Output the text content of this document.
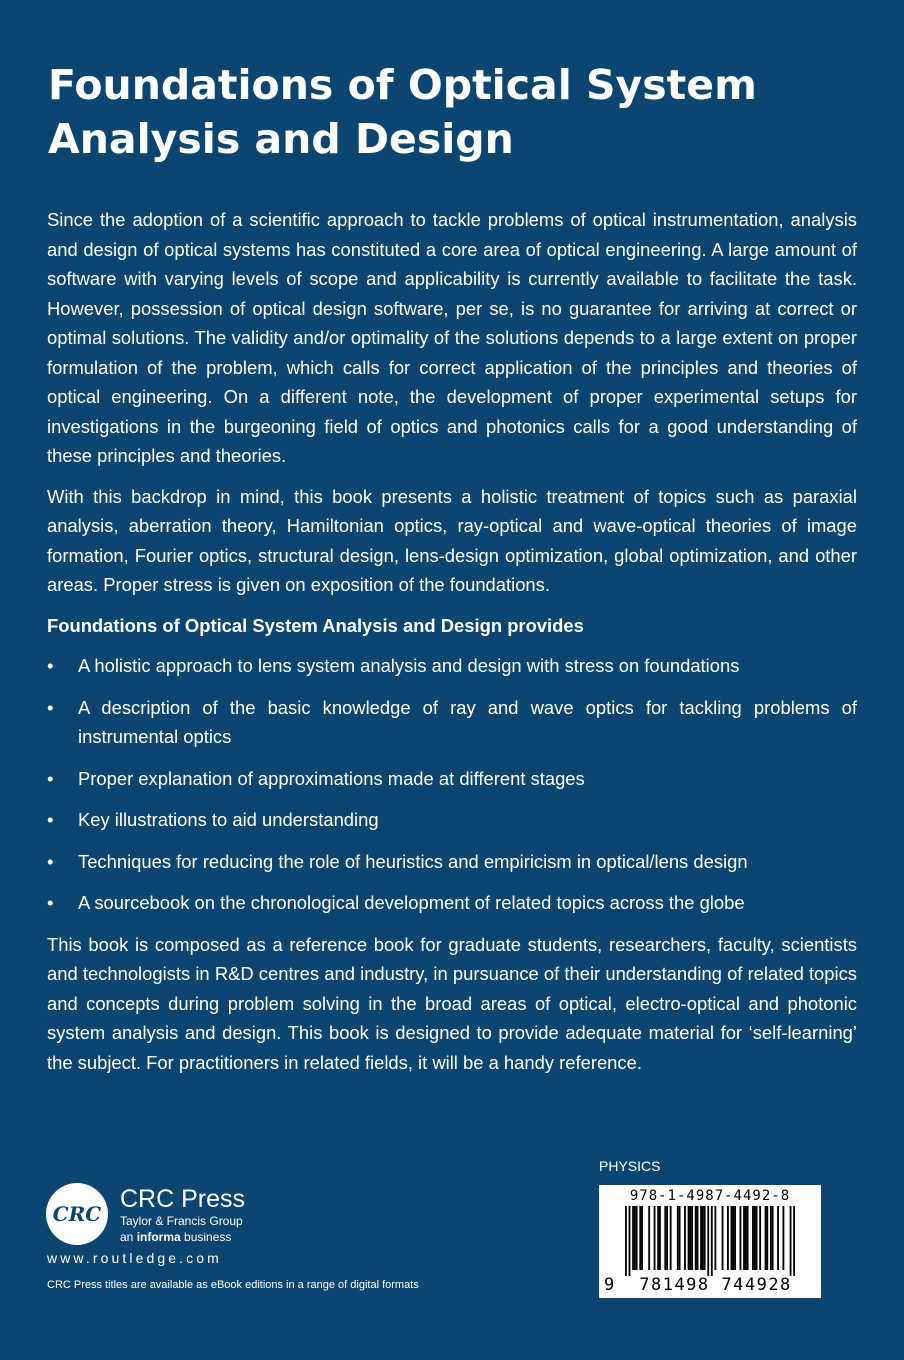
Foundations of Optical System
Analysis and Design

Since the adoption of a scientific approach to tackle problems of optical instrumentation, analysis and design of optical systems has constituted a core area of optical engineering. A large amount of software with varying levels of scope and applicability is currently available to facilitate the task. However, possession of optical design software, per se, is no guarantee for arriving at correct or optimal solutions. The validity and/or optimality of the solutions depends to a large extent on proper formulation of the problem, which calls for correct application of the principles and theories of optical engineering. On a different note, the development of proper experimental setups for investigations in the burgeoning field of optics and photonics calls for a good understanding of these principles and theories.

With this backdrop in mind, this book presents a holistic treatment of topics such as paraxial analysis, aberration theory, Hamiltonian optics, ray-optical and wave-optical theories of image formation, Fourier optics, structural design, lens-design optimization, global optimization, and other areas. Proper stress is given on exposition of the foundations.

Foundations of Optical System Analysis and Design provides

• A holistic approach to lens system analysis and design with stress on foundations
• A description of the basic knowledge of ray and wave optics for tackling problems of instrumental optics
• Proper explanation of approximations made at different stages
• Key illustrations to aid understanding
• Techniques for reducing the role of heuristics and empiricism in optical/lens design
• A sourcebook on the chronological development of related topics across the globe

This book is composed as a reference book for graduate students, researchers, faculty, scientists and technologists in R&D centres and industry, in pursuance of their understanding of related topics and concepts during problem solving in the broad areas of optical, electro-optical and photonic system analysis and design. This book is designed to provide adequate material for ‘self-learning’ the subject. For practitioners in related fields, it will be a handy reference.

CRC
CRC Press
Taylor & Francis Group
an informa business
www.routledge.com
CRC Press titles are available as eBook editions in a range of digital formats
PHYSICS
978-1-4987-4492-8
9 781498 744928
